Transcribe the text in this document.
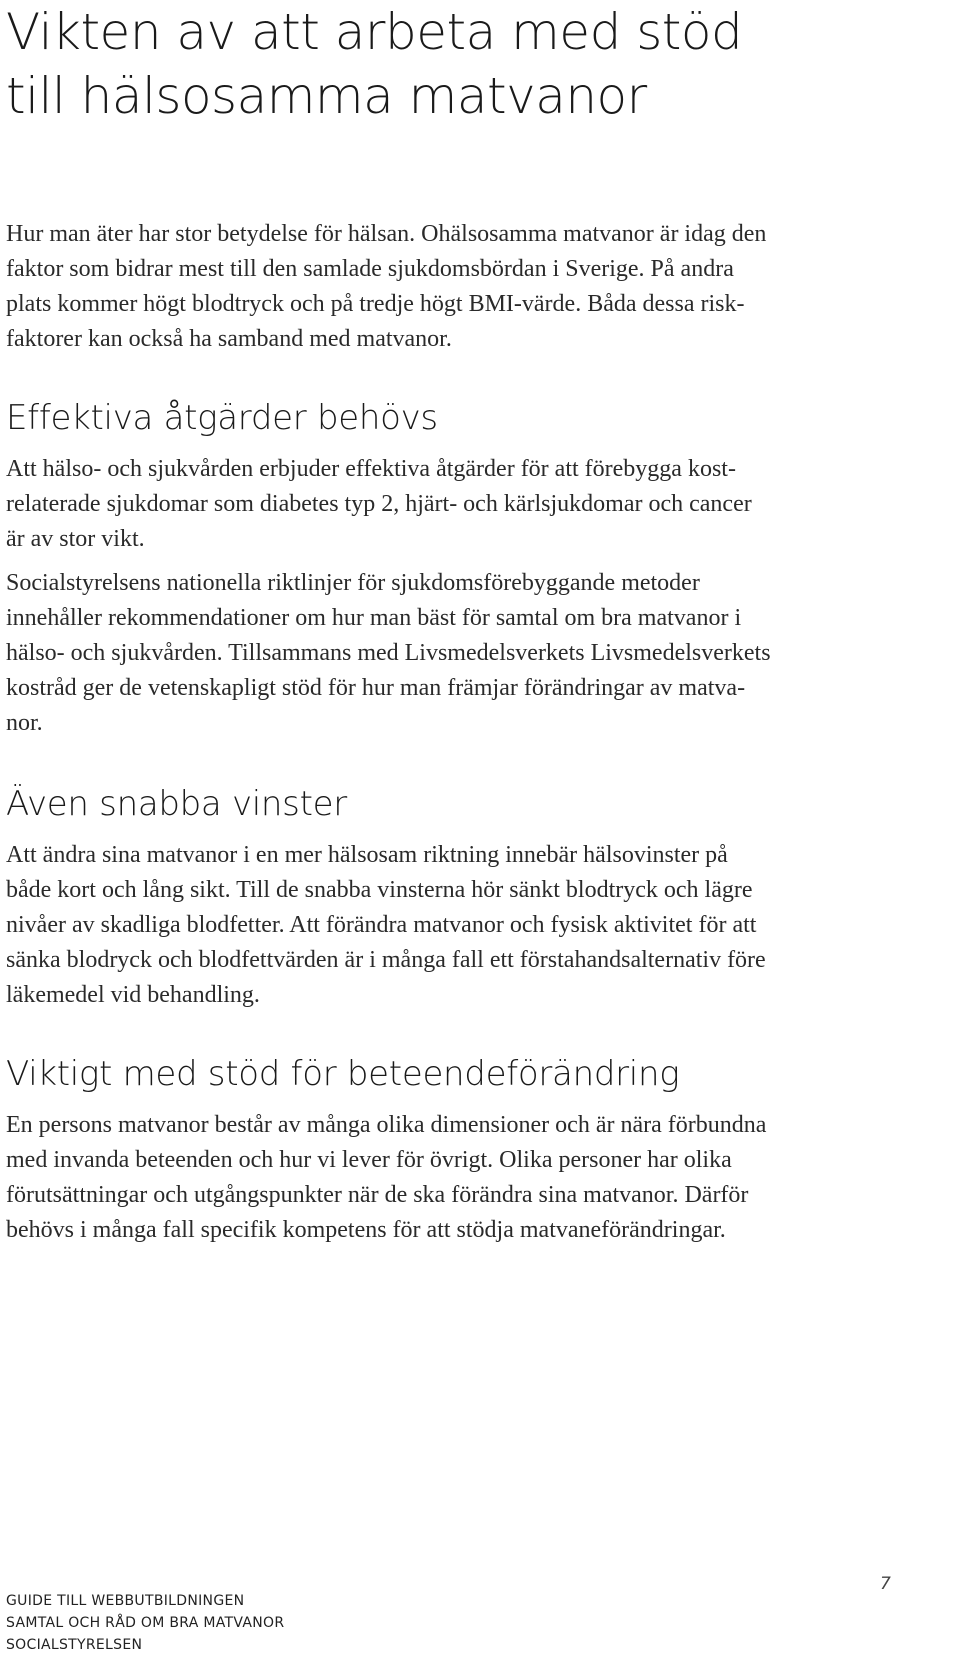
Vikten av att arbeta med stöd
till hälsosamma matvanor
Hur man äter har stor betydelse för hälsan. Ohälsosamma matvanor är idag den
faktor som bidrar mest till den samlade sjukdomsbördan i Sverige. På andra
plats kommer högt blodtryck och på tredje högt BMI-värde. Båda dessa risk-
faktorer kan också ha samband med matvanor.
Effektiva åtgärder behövs
Att hälso- och sjukvården erbjuder effektiva åtgärder för att förebygga kost-
relaterade sjukdomar som diabetes typ 2, hjärt- och kärlsjukdomar och cancer
är av stor vikt.
Socialstyrelsens nationella riktlinjer för sjukdomsförebyggande metoder
innehåller rekommendationer om hur man bäst för samtal om bra matvanor i
hälso- och sjukvården. Tillsammans med Livsmedelsverkets Livsmedelsverkets
kostråd ger de vetenskapligt stöd för hur man främjar förändringar av matva-
nor.
Även snabba vinster
Att ändra sina matvanor i en mer hälsosam riktning innebär hälsovinster på
både kort och lång sikt. Till de snabba vinsterna hör sänkt blodtryck och lägre
nivåer av skadliga blodfetter. Att förändra matvanor och fysisk aktivitet för att
sänka blodryck och blodfettvärden är i många fall ett förstahandsalternativ före
läkemedel vid behandling.
Viktigt med stöd för beteendeförändring
En persons matvanor består av många olika dimensioner och är nära förbundna
med invanda beteenden och hur vi lever för övrigt. Olika personer har olika
förutsättningar och utgångspunkter när de ska förändra sina matvanor. Därför
behövs i många fall specifik kompetens för att stödja matvaneförändringar.
GUIDE TILL WEBBUTBILDNINGEN
SAMTAL OCH RÅD OM BRA MATVANOR
SOCIALSTYRELSEN
7
